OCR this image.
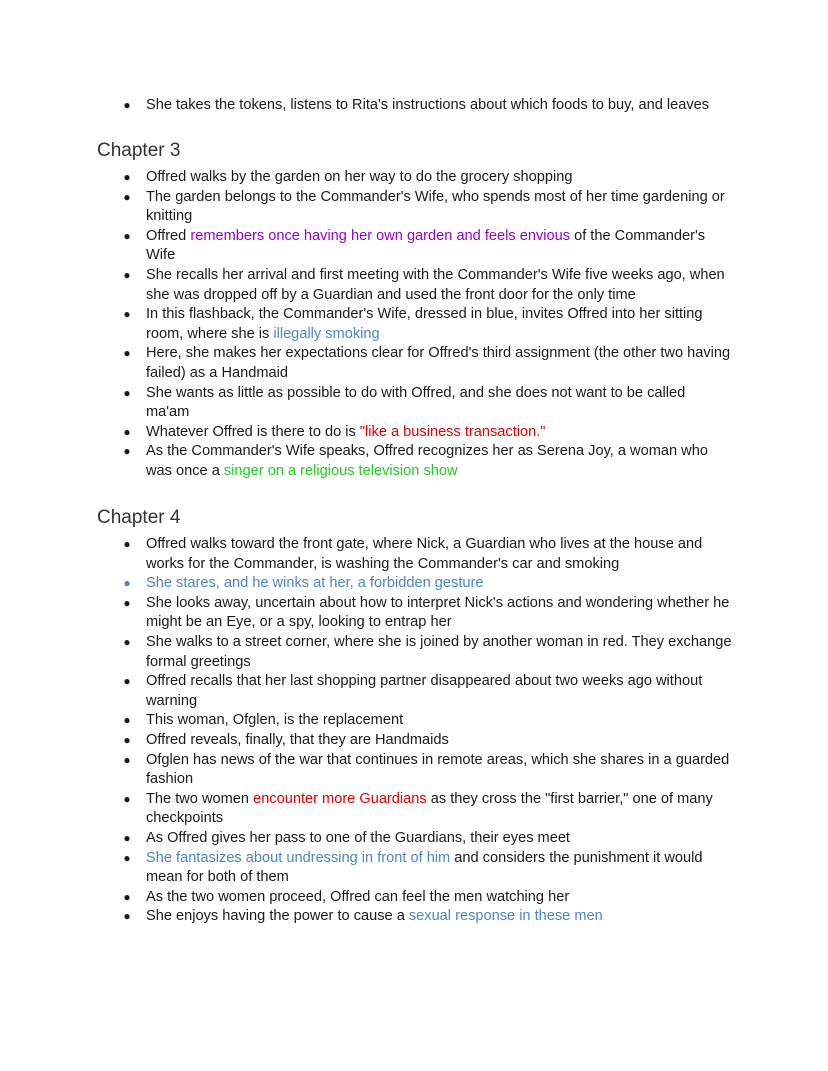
● She takes the tokens, listens to Rita's instructions about which foods to buy, and leaves
Chapter 3
● Offred walks by the garden on her way to do the grocery shopping
● The garden belongs to the Commander's Wife, who spends most of her time gardening or knitting
● Offred remembers once having her own garden and feels envious of the Commander's Wife
● She recalls her arrival and first meeting with the Commander's Wife five weeks ago, when she was dropped off by a Guardian and used the front door for the only time
● In this flashback, the Commander's Wife, dressed in blue, invites Offred into her sitting room, where she is illegally smoking
● Here, she makes her expectations clear for Offred's third assignment (the other two having failed) as a Handmaid
● She wants as little as possible to do with Offred, and she does not want to be called ma'am
● Whatever Offred is there to do is "like a business transaction."
● As the Commander's Wife speaks, Offred recognizes her as Serena Joy, a woman who was once a singer on a religious television show
Chapter 4
● Offred walks toward the front gate, where Nick, a Guardian who lives at the house and works for the Commander, is washing the Commander's car and smoking
● She stares, and he winks at her, a forbidden gesture
● She looks away, uncertain about how to interpret Nick's actions and wondering whether he might be an Eye, or a spy, looking to entrap her
● She walks to a street corner, where she is joined by another woman in red. They exchange formal greetings
● Offred recalls that her last shopping partner disappeared about two weeks ago without warning
● This woman, Ofglen, is the replacement
● Offred reveals, finally, that they are Handmaids
● Ofglen has news of the war that continues in remote areas, which she shares in a guarded fashion
● The two women encounter more Guardians as they cross the "first barrier," one of many checkpoints
● As Offred gives her pass to one of the Guardians, their eyes meet
● She fantasizes about undressing in front of him and considers the punishment it would mean for both of them
● As the two women proceed, Offred can feel the men watching her
● She enjoys having the power to cause a sexual response in these men
